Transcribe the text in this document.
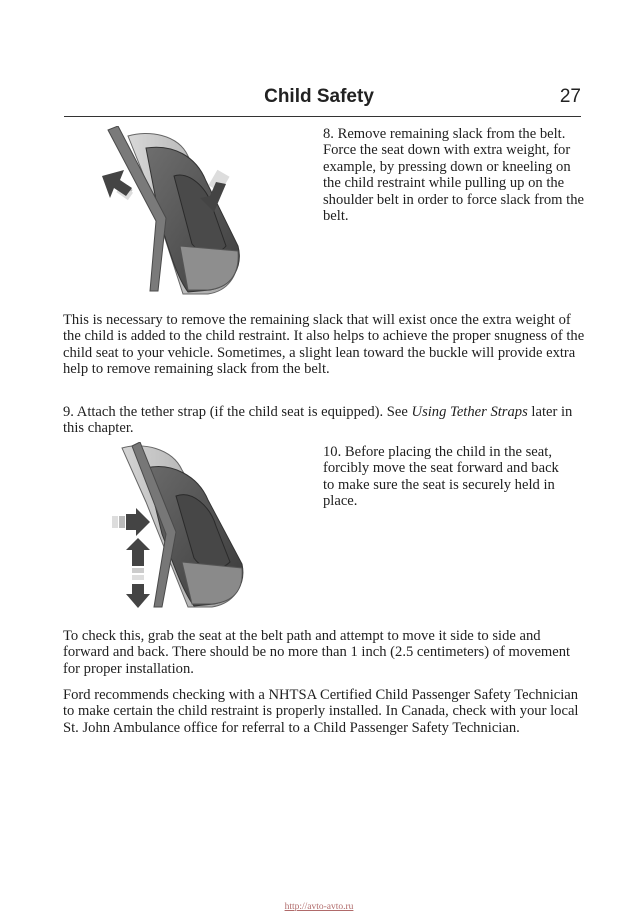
Child Safety	27

8. Remove remaining slack from the belt. Force the seat down with extra weight, for example, by pressing down or kneeling on the child restraint while pulling up on the shoulder belt in order to force slack from the belt.

This is necessary to remove the remaining slack that will exist once the extra weight of the child is added to the child restraint. It also helps to achieve the proper snugness of the child seat to your vehicle. Sometimes, a slight lean toward the buckle will provide extra help to remove remaining slack from the belt.

9. Attach the tether strap (if the child seat is equipped). See Using Tether Straps later in this chapter.

10. Before placing the child in the seat, forcibly move the seat forward and back to make sure the seat is securely held in place.

To check this, grab the seat at the belt path and attempt to move it side to side and forward and back. There should be no more than 1 inch (2.5 centimeters) of movement for proper installation.

Ford recommends checking with a NHTSA Certified Child Passenger Safety Technician to make certain the child restraint is properly installed. In Canada, check with your local St. John Ambulance office for referral to a Child Passenger Safety Technician.

http://avto-avto.ru
